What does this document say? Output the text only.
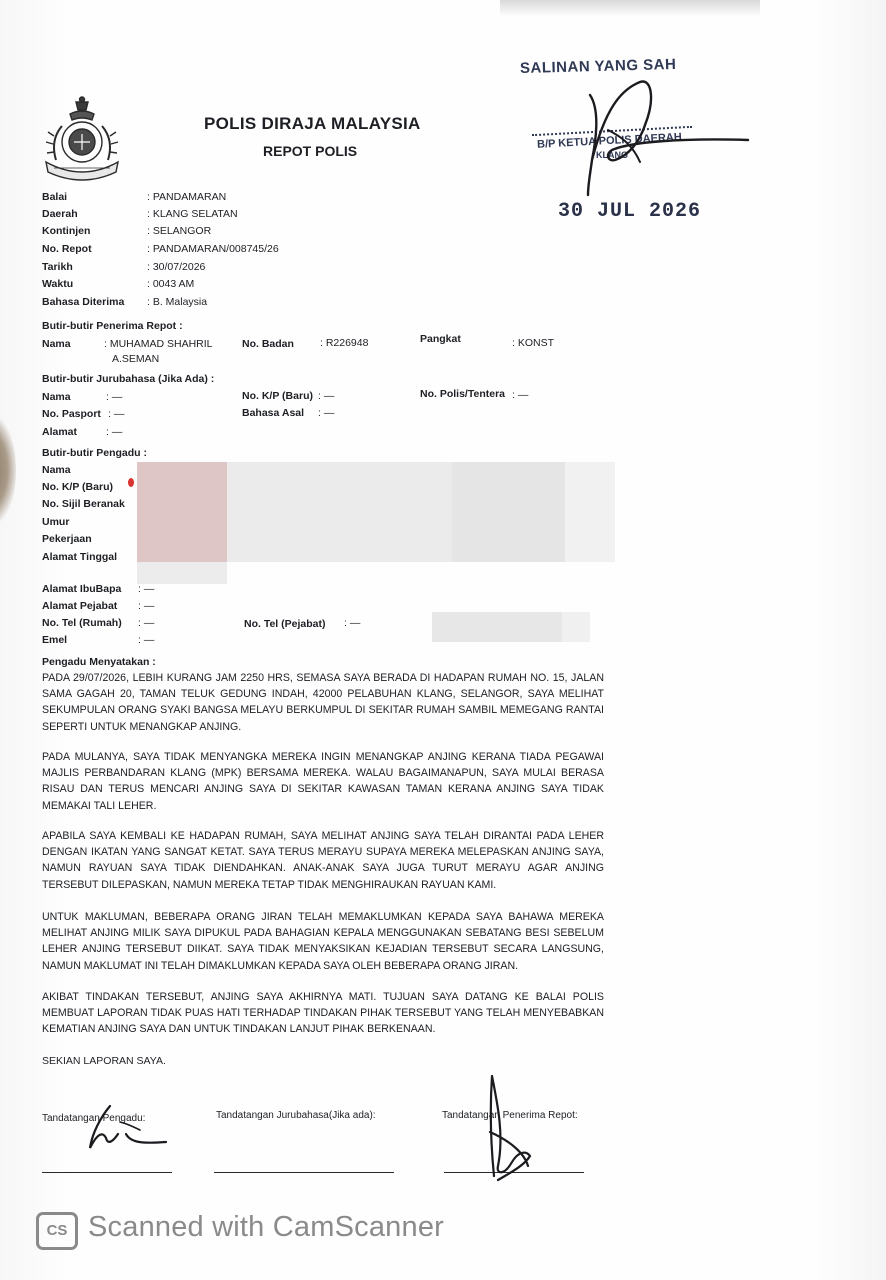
POLIS DIRAJA MALAYSIA
REPOT POLIS
SALINAN YANG SAH
B/P KETUA POLIS DAERAH
KLANG
30 JUL 2026
Balai	: PANDAMARAN
Daerah	: KLANG SELATAN
Kontinjen	: SELANGOR
No. Repot	: PANDAMARAN/008745/26
Tarikh	: 30/07/2026
Waktu	: 0043 AM
Bahasa Diterima : B. Malaysia
Butir-butir Penerima Repot :
Nama	: MUHAMAD SHAHRIL
A.SEMAN
No. Badan : R226948	Pangkat	: KONST
Butir-butir Jurubahasa (Jika Ada) :
Nama	: —	No. K/P (Baru) : —	No. Polis/Tentera : —
No. Pasport : —	Bahasa Asal : —
Alamat	: —
Butir-butir Pengadu :
Nama
No. K/P (Baru)
No. Sijil Beranak
Umur
Pekerjaan
Alamat Tinggal
Alamat IbuBapa : —
Alamat Pejabat : —
No. Tel (Rumah) : —	No. Tel (Pejabat) : —
Emel	: —
Pengadu Menyatakan :
PADA 29/07/2026, LEBIH KURANG JAM 2250 HRS, SEMASA SAYA BERADA DI HADAPAN RUMAH NO. 15, JALAN SAMA GAGAH 20, TAMAN TELUK GEDUNG INDAH, 42000 PELABUHAN KLANG, SELANGOR, SAYA MELIHAT SEKUMPULAN ORANG SYAKI BANGSA MELAYU BERKUMPUL DI SEKITAR RUMAH SAMBIL MEMEGANG RANTAI SEPERTI UNTUK MENANGKAP ANJING.
PADA MULANYA, SAYA TIDAK MENYANGKA MEREKA INGIN MENANGKAP ANJING KERANA TIADA PEGAWAI MAJLIS PERBANDARAN KLANG (MPK) BERSAMA MEREKA. WALAU BAGAIMANAPUN, SAYA MULAI BERASA RISAU DAN TERUS MENCARI ANJING SAYA DI SEKITAR KAWASAN TAMAN KERANA ANJING SAYA TIDAK MEMAKAI TALI LEHER.
APABILA SAYA KEMBALI KE HADAPAN RUMAH, SAYA MELIHAT ANJING SAYA TELAH DIRANTAI PADA LEHER DENGAN IKATAN YANG SANGAT KETAT. SAYA TERUS MERAYU SUPAYA MEREKA MELEPASKAN ANJING SAYA, NAMUN RAYUAN SAYA TIDAK DIENDAHKAN. ANAK-ANAK SAYA JUGA TURUT MERAYU AGAR ANJING TERSEBUT DILEPASKAN, NAMUN MEREKA TETAP TIDAK MENGHIRAUKAN RAYUAN KAMI.
UNTUK MAKLUMAN, BEBERAPA ORANG JIRAN TELAH MEMAKLUMKAN KEPADA SAYA BAHAWA MEREKA MELIHAT ANJING MILIK SAYA DIPUKUL PADA BAHAGIAN KEPALA MENGGUNAKAN SEBATANG BESI SEBELUM LEHER ANJING TERSEBUT DIIKAT. SAYA TIDAK MENYAKSIKAN KEJADIAN TERSEBUT SECARA LANGSUNG, NAMUN MAKLUMAT INI TELAH DIMAKLUMKAN KEPADA SAYA OLEH BEBERAPA ORANG JIRAN.
AKIBAT TINDAKAN TERSEBUT, ANJING SAYA AKHIRNYA MATI. TUJUAN SAYA DATANG KE BALAI POLIS MEMBUAT LAPORAN TIDAK PUAS HATI TERHADAP TINDAKAN PIHAK TERSEBUT YANG TELAH MENYEBABKAN KEMATIAN ANJING SAYA DAN UNTUK TINDAKAN LANJUT PIHAK BERKENAAN.
SEKIAN LAPORAN SAYA.
Tandatangan Pengadu:	Tandatangan Jurubahasa(Jika ada):	Tandatangan Penerima Repot:
CS Scanned with CamScanner
